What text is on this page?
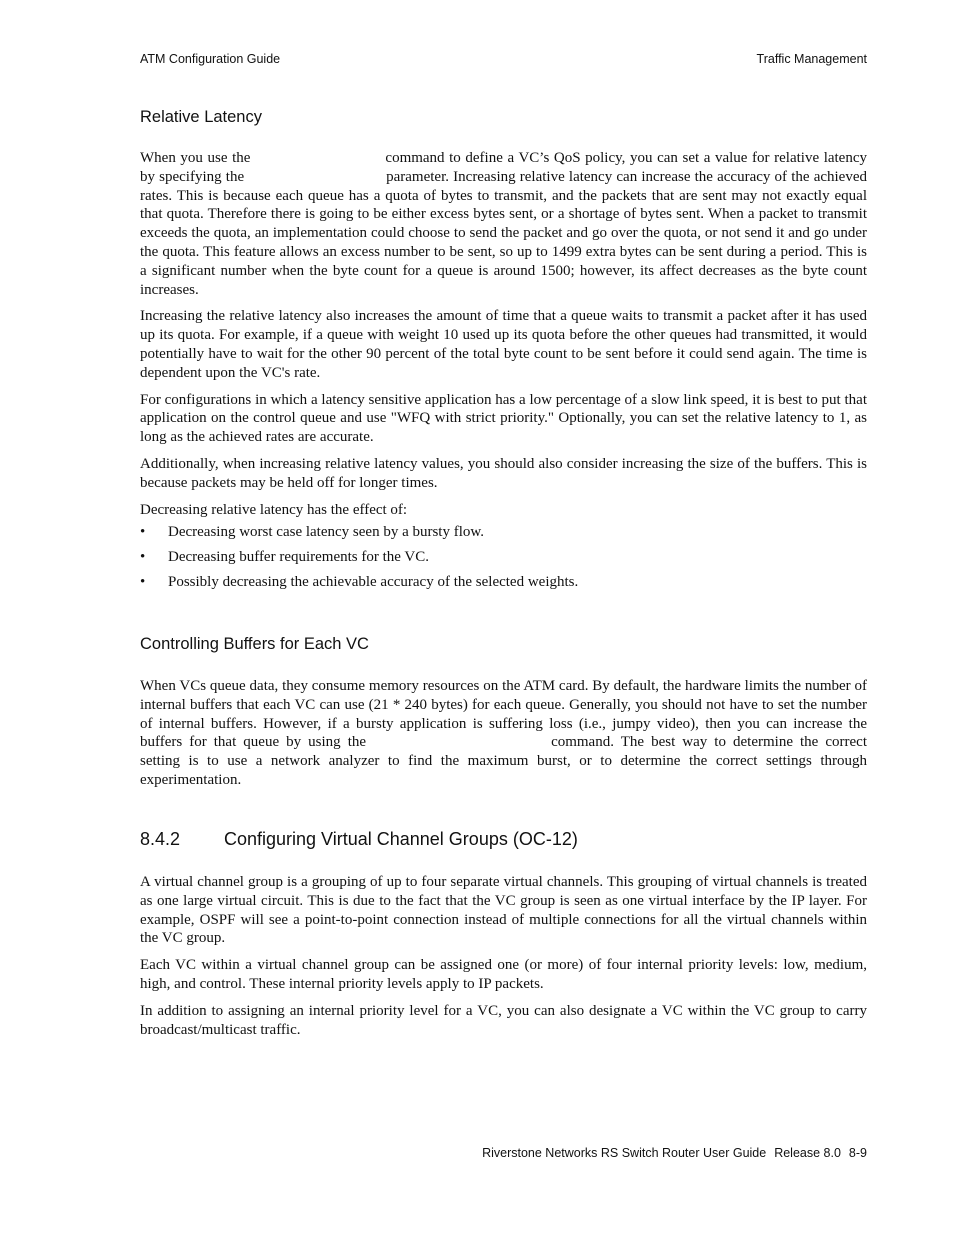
ATM Configuration Guide	Traffic Management
Relative Latency

When you use the	command to define a VC’s QoS policy, you can set a value for relative latency by specifying the	parameter. Increasing relative latency can increase the accuracy of the achieved rates. This is because each queue has a quota of bytes to transmit, and the packets that are sent may not exactly equal that quota. Therefore there is going to be either excess bytes sent, or a shortage of bytes sent. When a packet to transmit exceeds the quota, an implementation could choose to send the packet and go over the quota, or not send it and go under the quota. This feature allows an excess number to be sent, so up to 1499 extra bytes can be sent during a period. This is a significant number when the byte count for a queue is around 1500; however, its affect decreases as the byte count increases.

Increasing the relative latency also increases the amount of time that a queue waits to transmit a packet after it has used up its quota. For example, if a queue with weight 10 used up its quota before the other queues had transmitted, it would potentially have to wait for the other 90 percent of the total byte count to be sent before it could send again. The time is dependent upon the VC's rate.

For configurations in which a latency sensitive application has a low percentage of a slow link speed, it is best to put that application on the control queue and use "WFQ with strict priority." Optionally, you can set the relative latency to 1, as long as the achieved rates are accurate.

Additionally, when increasing relative latency values, you should also consider increasing the size of the buffers. This is because packets may be held off for longer times.

Decreasing relative latency has the effect of:

• Decreasing worst case latency seen by a bursty flow.
• Decreasing buffer requirements for the VC.
• Possibly decreasing the achievable accuracy of the selected weights.
Controlling Buffers for Each VC

When VCs queue data, they consume memory resources on the ATM card. By default, the hardware limits the number of internal buffers that each VC can use (21 * 240 bytes) for each queue. Generally, you should not have to set the number of internal buffers. However, if a bursty application is suffering loss (i.e., jumpy video), then you can increase the buffers for that queue by using the	command. The best way to determine the correct setting is to use a network analyzer to find the maximum burst, or to determine the correct settings through experimentation.

8.4.2 Configuring Virtual Channel Groups (OC-12)

A virtual channel group is a grouping of up to four separate virtual channels. This grouping of virtual channels is treated as one large virtual circuit. This is due to the fact that the VC group is seen as one virtual interface by the IP layer. For example, OSPF will see a point-to-point connection instead of multiple connections for all the virtual channels within the VC group.

Each VC within a virtual channel group can be assigned one (or more) of four internal priority levels: low, medium, high, and control. These internal priority levels apply to IP packets.

In addition to assigning an internal priority level for a VC, you can also designate a VC within the VC group to carry broadcast/multicast traffic.

Riverstone Networks RS Switch Router User Guide Release 8.0 8-9
